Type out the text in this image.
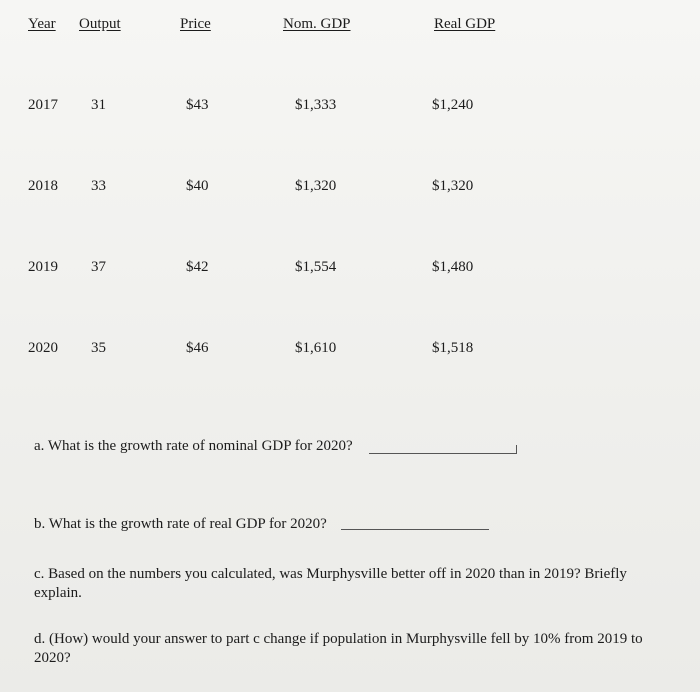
Year Output	Price	Nom. GDP	Real GDP
2017 31	$43	$1,333	$1,240
2018 33	$40	$1,320	$1,320
2019 37	$42	$1,554	$1,480
2020 35	$46	$1,610	$1,518
a. What is the growth rate of nominal GDP for 2020?
b. What is the growth rate of real GDP for 2020?
c. Based on the numbers you calculated, was Murphysville better off in 2020 than in 2019? Briefly explain.
d. (How) would your answer to part c change if population in Murphysville fell by 10% from 2019 to 2020?
